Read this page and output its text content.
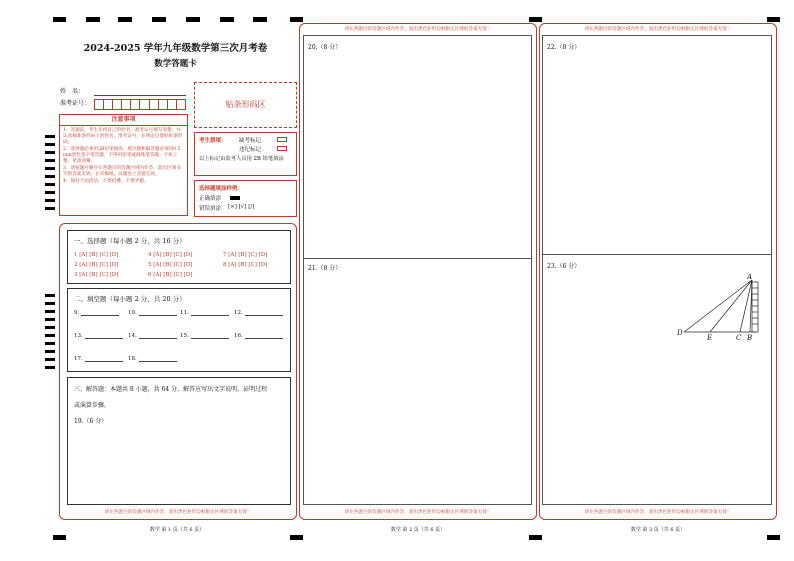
2024-2025 学年九年级数学第三次月考卷
数学答题卡
姓　名：
准考证号：	贴条形码区
注意事项
1．答题前，考生先将自己的姓名，准考证号填写清楚，并认真核准条形码上的姓名、准考证号，在规定位置贴好条形码。
2．选择题必须用2B铅笔填涂；填空题和解答题必须用0.5 mm黑色签字笔答题，不得用铅笔或圆珠笔答题；字体工整、笔迹清晰。
3．请按题号顺序在各题目的答题区域内作答，超出区域书写的答案无效；在草稿纸、试题卷上答题无效。
4．保持卡面清洁，不要折叠、不要弄破。
考生禁填： 缺考标记
违纪标记
以上标记由监考人员用 2B 铅笔填涂
选择题填涂样例：
正确填涂
错误填涂 [×] [√] [/]
一、选择题（每小题 2 分，共 16 分）
1 [A] [B] [C] [D]
2 [A] [B] [C] [D]
3 [A] [B] [C] [D]
4 [A] [B] [C] [D]
5 [A] [B] [C] [D]
6 [A] [B] [C] [D]
7 [A] [B] [C] [D]
8 [A] [B] [C] [D]
二、填空题（每小题 2 分，共 20 分）
9.	10.	11.	12.
13.	14.	15.	16.
17.	18.
三、解答题：本题共 8 小题，共 64 分。解答应写出文字说明、证明过程
或演算步骤。
19.（6 分）
请在各题目的答题区域内作答，超出黑色矩形边框限定区域的答案无效！
数学 第 1 页（共 6 页）
请在各题目的答题区域内作答，超出黑色矩形边框限定区域的答案无效！
20.（8 分）
21.（8 分）
请在各题目的答题区域内作答，超出黑色矩形边框限定区域的答案无效！
数学 第 2 页（共 6 页）
请在各题目的答题区域内作答，超出黑色矩形边框限定区域的答案无效！
22.（8 分）
23.（6 分）
A
D
E	C B
请在各题目的答题区域内作答，超出黑色矩形边框限定区域的答案无效！
数学 第 3 页（共 6 页）
